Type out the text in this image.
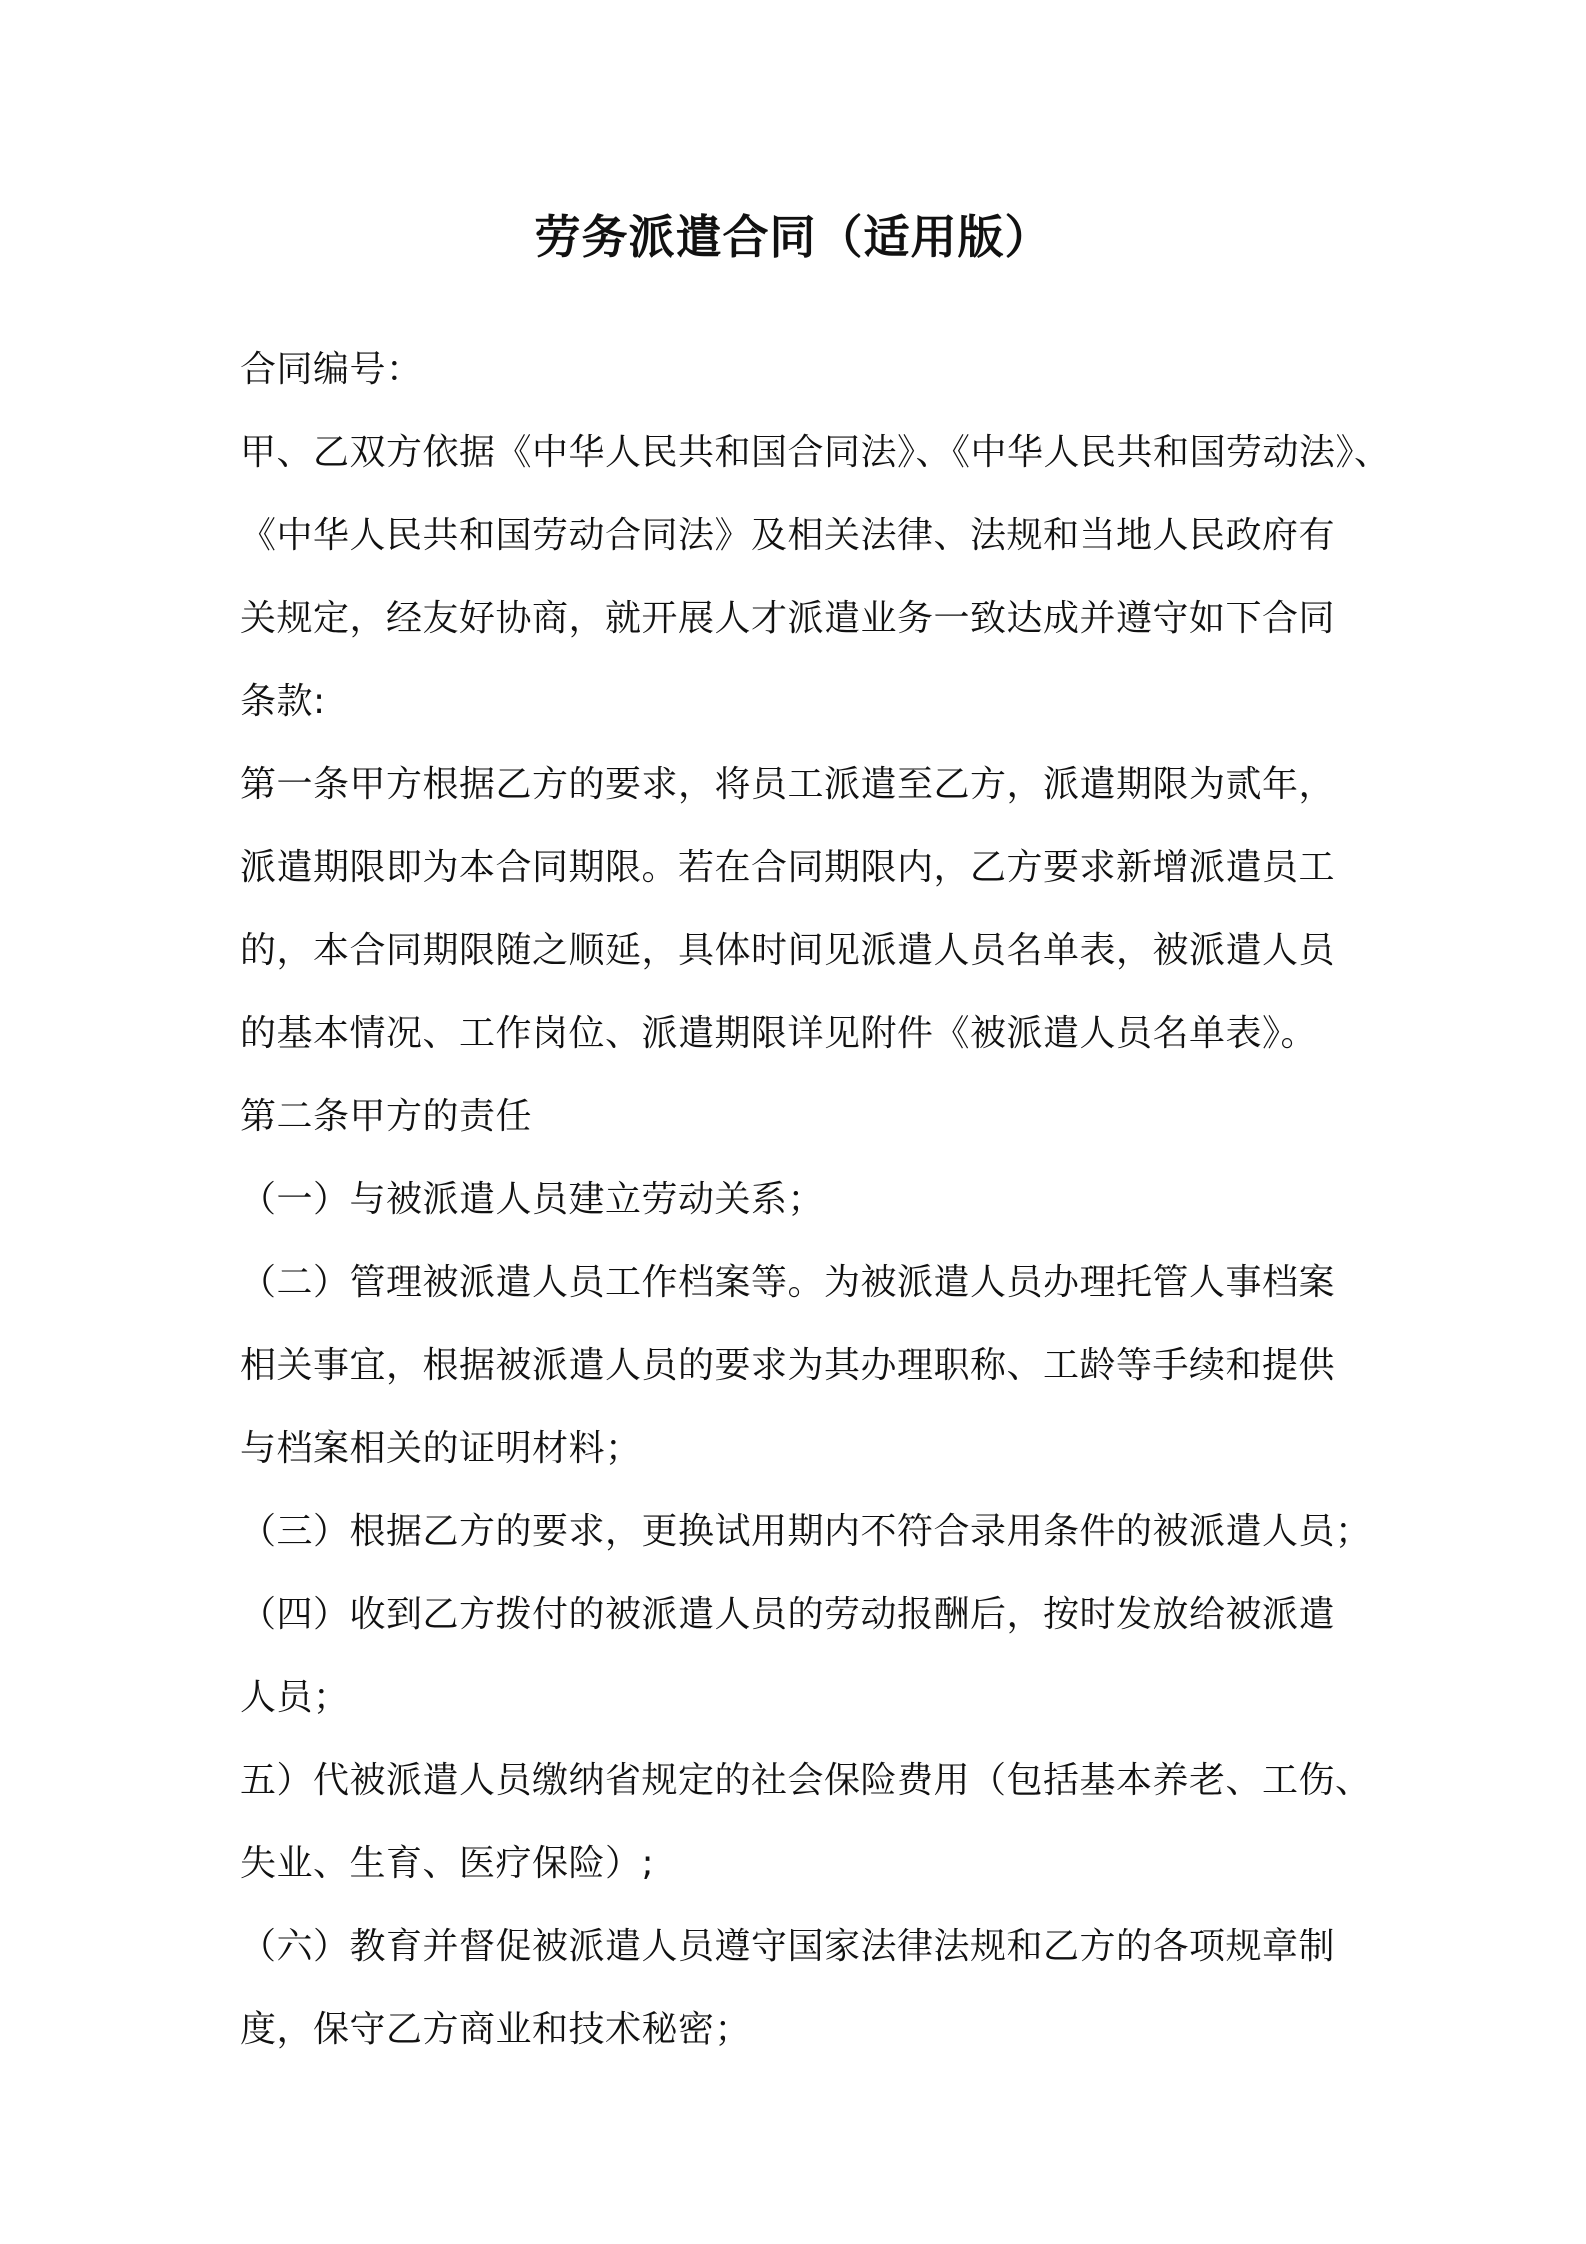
劳务派遣合同（适用版）
合同编号：
甲、乙双方依据《中华人民共和国合同法》、《中华人民共和国劳动法》、
《中华人民共和国劳动合同法》及相关法律、法规和当地人民政府有
关规定，经友好协商，就开展人才派遣业务一致达成并遵守如下合同
条款:
第一条甲方根据乙方的要求，将员工派遣至乙方，派遣期限为贰年，
派遣期限即为本合同期限。若在合同期限内，乙方要求新增派遣员工
的，本合同期限随之顺延，具体时间见派遣人员名单表，被派遣人员
的基本情况、工作岗位、派遣期限详见附件《被派遣人员名单表》。
第二条甲方的责任
（一）与被派遣人员建立劳动关系；
（二）管理被派遣人员工作档案等。为被派遣人员办理托管人事档案
相关事宜，根据被派遣人员的要求为其办理职称、工龄等手续和提供
与档案相关的证明材料；
（三）根据乙方的要求，更换试用期内不符合录用条件的被派遣人员；
（四）收到乙方拨付的被派遣人员的劳动报酬后，按时发放给被派遣
人员；
五）代被派遣人员缴纳省规定的社会保险费用（包括基本养老、工伤、
失业、生育、医疗保险）;
（六）教育并督促被派遣人员遵守国家法律法规和乙方的各项规章制
度，保守乙方商业和技术秘密；
